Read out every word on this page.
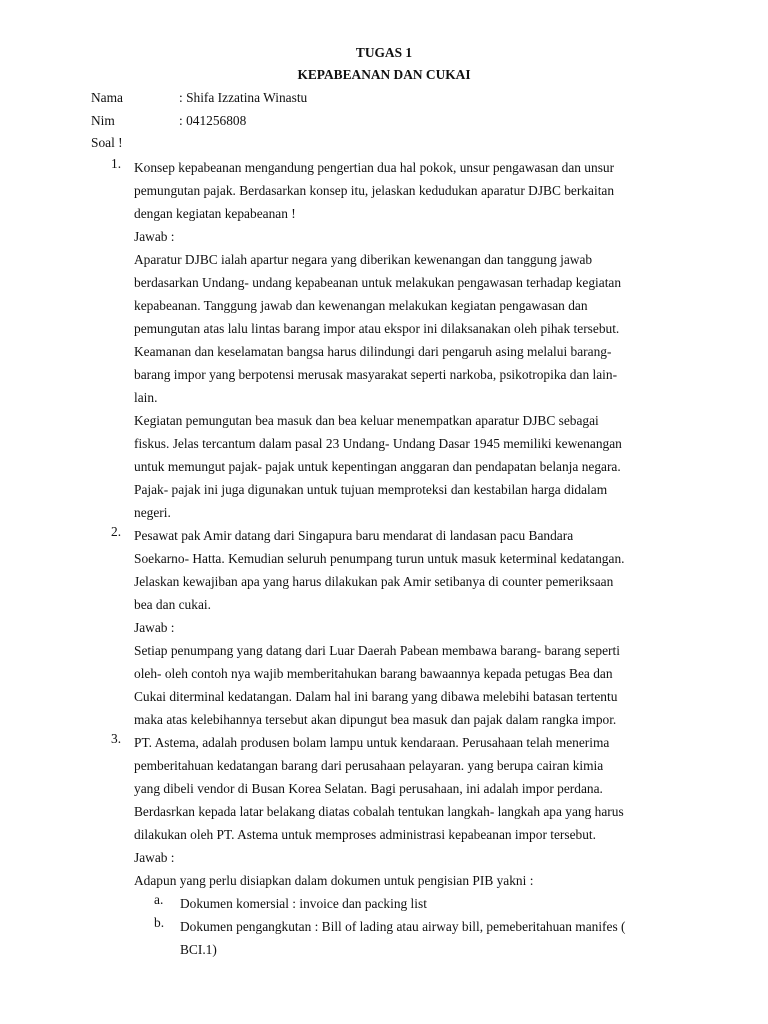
TUGAS 1
KEPABEANAN DAN CUKAI
Nama	: Shifa Izzatina Winastu
Nim	: 041256808
Soal !
1. Konsep kepabeanan mengandung pengertian dua hal pokok, unsur pengawasan dan unsur
pemungutan pajak. Berdasarkan konsep itu, jelaskan kedudukan aparatur DJBC berkaitan
dengan kegiatan kepabeanan !
Jawab :
Aparatur DJBC ialah apartur negara yang diberikan kewenangan dan tanggung jawab
berdasarkan Undang- undang kepabeanan untuk melakukan pengawasan terhadap kegiatan
kepabeanan. Tanggung jawab dan kewenangan melakukan kegiatan pengawasan dan
pemungutan atas lalu lintas barang impor atau ekspor ini dilaksanakan oleh pihak tersebut.
Keamanan dan keselamatan bangsa harus dilindungi dari pengaruh asing melalui barang-
barang impor yang berpotensi merusak masyarakat seperti narkoba, psikotropika dan lain-
lain.
Kegiatan pemungutan bea masuk dan bea keluar menempatkan aparatur DJBC sebagai
fiskus. Jelas tercantum dalam pasal 23 Undang- Undang Dasar 1945 memiliki kewenangan
untuk memungut pajak- pajak untuk kepentingan anggaran dan pendapatan belanja negara.
Pajak- pajak ini juga digunakan untuk tujuan memproteksi dan kestabilan harga didalam
negeri.
2. Pesawat pak Amir datang dari Singapura baru mendarat di landasan pacu Bandara
Soekarno- Hatta. Kemudian seluruh penumpang turun untuk masuk keterminal kedatangan.
Jelaskan kewajiban apa yang harus dilakukan pak Amir setibanya di counter pemeriksaan
bea dan cukai.
Jawab :
Setiap penumpang yang datang dari Luar Daerah Pabean membawa barang- barang seperti
oleh- oleh contoh nya wajib memberitahukan barang bawaannya kepada petugas Bea dan
Cukai diterminal kedatangan. Dalam hal ini barang yang dibawa melebihi batasan tertentu
maka atas kelebihannya tersebut akan dipungut bea masuk dan pajak dalam rangka impor.
3. PT. Astema, adalah produsen bolam lampu untuk kendaraan. Perusahaan telah menerima
pemberitahuan kedatangan barang dari perusahaan pelayaran. yang berupa cairan kimia
yang dibeli vendor di Busan Korea Selatan. Bagi perusahaan, ini adalah impor perdana.
Berdasrkan kepada latar belakang diatas cobalah tentukan langkah- langkah apa yang harus
dilakukan oleh PT. Astema untuk memproses administrasi kepabeanan impor tersebut.
Jawab :
Adapun yang perlu disiapkan dalam dokumen untuk pengisian PIB yakni :
a. Dokumen komersial : invoice dan packing list
b. Dokumen pengangkutan : Bill of lading atau airway bill, pemeberitahuan manifes (
BCI.1)
